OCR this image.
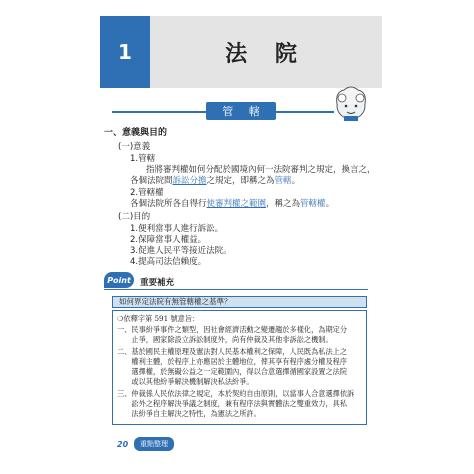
1	法 院
管 轄
一、意義與目的
(一)意義
1.管轄
指將審判權如何分配於國境內何一法院審判之規定，換言之，
各個法院間訴訟分擔之規定，即稱之為管轄。
2.管轄權
各個法院所各自得行使審判權之範圍，稱之為管轄權。
(二)目的
1.便利當事人進行訴訟。
2.保障當事人權益。
3.促進人民平等接近法院。
4.提高司法信賴度。
Point	重要補充
如何界定法院有無管轄權之基準？
❍依釋字第 591 號意旨：
一、民事紛爭事件之類型，因社會經濟活動之變遷趨於多樣化，為期定分
　　止爭，國家除設立訴訟制度外，尚有仲裁及其他非訴訟之機制。
二、基於國民主權原理及憲法對人民基本權利之保障，人民既為私法上之
　　權利主體，於程序上亦應居於主體地位，俾其享有程序處分權及程序
　　選擇權，於無礙公益之一定範圍內，得以合意選擇循國家設置之法院
　　或以其他紛爭解決機制解決私法紛爭。
三、仲裁係人民依法律之規定，本於契約自由原則，以當事人合意選擇依訴
　　訟外之程序解決爭議之制度，兼有程序法與實體法之雙重效力，具私
　　法紛爭自主解決之特性，為憲法之所許。
20	重點整理
